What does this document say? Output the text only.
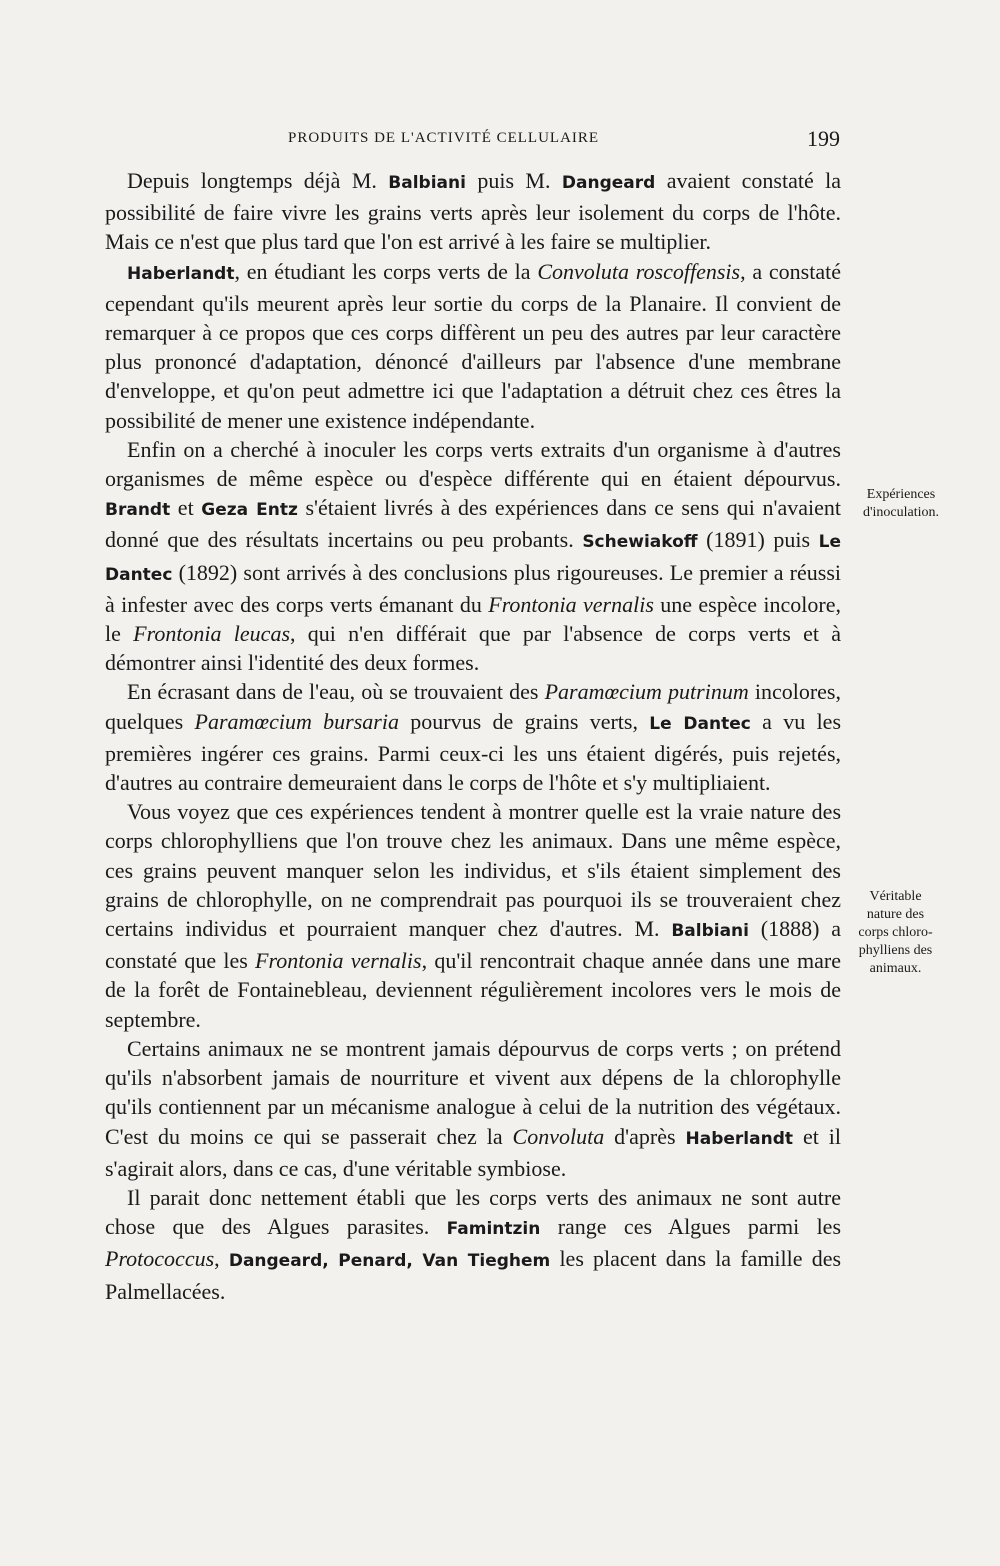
PRODUITS DE L'ACTIVITÉ CELLULAIRE	199

Depuis longtemps déjà M. Balbiani puis M. Dangeard avaient constaté la possibilité de faire vivre les grains verts après leur isolement du corps de l'hôte. Mais ce n'est que plus tard que l'on est arrivé à les faire se multiplier.

Haberlandt, en étudiant les corps verts de la Convoluta roscoffensis, a constaté cependant qu'ils meurent après leur sortie du corps de la Planaire. Il convient de remarquer à ce propos que ces corps diffèrent un peu des autres par leur caractère plus prononcé d'adaptation, dénoncé d'ailleurs par l'absence d'une membrane d'enveloppe, et qu'on peut admettre ici que l'adaptation a détruit chez ces êtres la possibilité de mener une existence indépendante.

Enfin on a cherché à inoculer les corps verts extraits d'un organisme à d'autres organismes de même espèce ou d'espèce différente qui en étaient dépourvus. Brandt et Geza Entz s'étaient livrés à des expériences dans ce sens qui n'avaient donné que des résultats incertains ou peu probants. Schewiakoff (1891) puis Le Dantec (1892) sont arrivés à des conclusions plus rigoureuses. Le premier a réussi à infester avec des corps verts émanant du Frontonia vernalis une espèce incolore, le Frontonia leucas, qui n'en différait que par l'absence de corps verts et à démontrer ainsi l'identité des deux formes.

En écrasant dans de l'eau, où se trouvaient des Paramœcium putrinum incolores, quelques Paramœcium bursaria pourvus de grains verts, Le Dantec a vu les premières ingérer ces grains. Parmi ceux-ci les uns étaient digérés, puis rejetés, d'autres au contraire demeuraient dans le corps de l'hôte et s'y multipliaient.

Vous voyez que ces expériences tendent à montrer quelle est la vraie nature des corps chlorophylliens que l'on trouve chez les animaux. Dans une même espèce, ces grains peuvent manquer selon les individus, et s'ils étaient simplement des grains de chlorophylle, on ne comprendrait pas pourquoi ils se trouveraient chez certains individus et pourraient manquer chez d'autres. M. Balbiani (1888) a constaté que les Frontonia vernalis, qu'il rencontrait chaque année dans une mare de la forêt de Fontainebleau, deviennent régulièrement incolores vers le mois de septembre.

Certains animaux ne se montrent jamais dépourvus de corps verts ; on prétend qu'ils n'absorbent jamais de nourriture et vivent aux dépens de la chlorophylle qu'ils contiennent par un mécanisme analogue à celui de la nutrition des végétaux. C'est du moins ce qui se passerait chez la Convoluta d'après Haberlandt et il s'agirait alors, dans ce cas, d'une véritable symbiose.

Il parait donc nettement établi que les corps verts des animaux ne sont autre chose que des Algues parasites. Famintzin range ces Algues parmi les Protococcus, Dangeard, Penard, Van Tieghem les placent dans la famille des Palmellacées.

Expériences
d'inoculation.
Véritable
nature des
corps chloro-
phylliens des
animaux.
